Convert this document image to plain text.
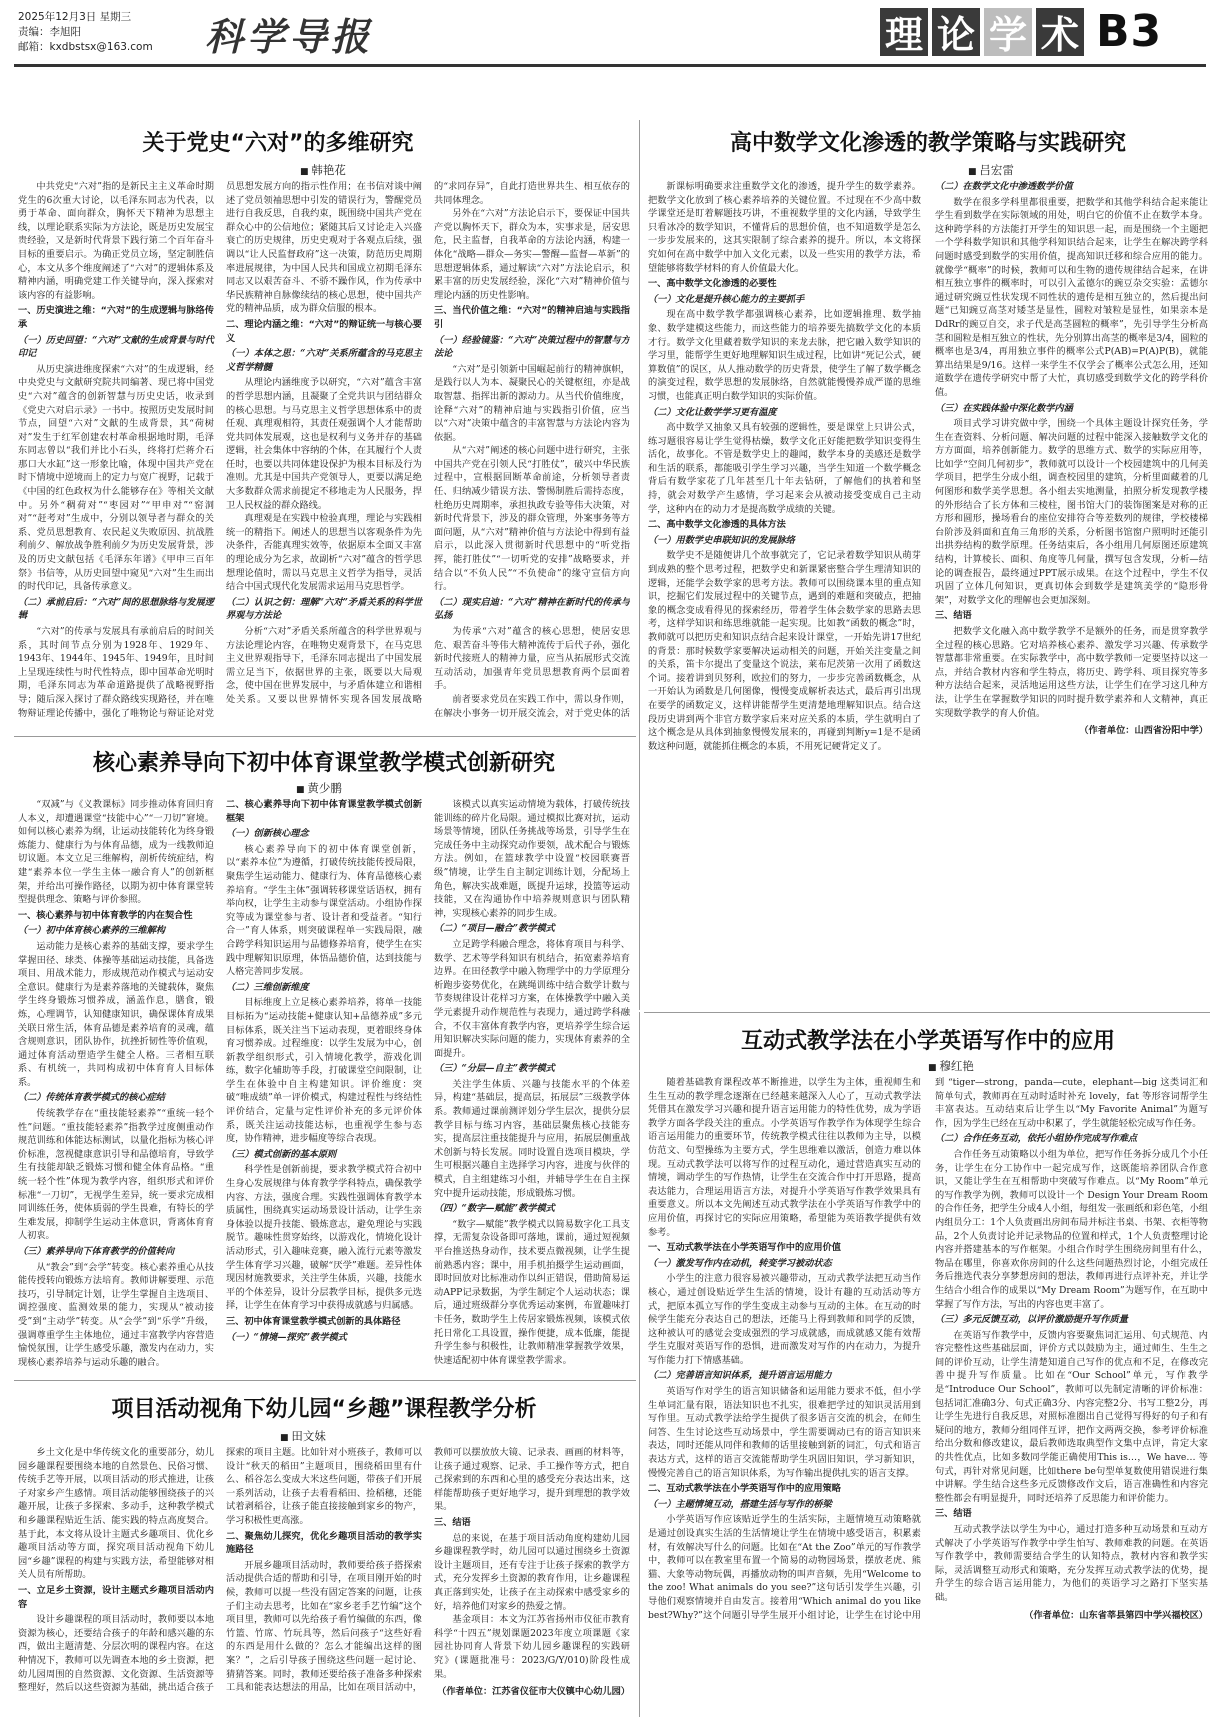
2025年12月3日 星期三
责编：李旭阳
邮箱：kxdbstsx@163.com 科学导报	理 论 学 术 B3
关于党史“六对”的多维研究
■ 韩艳花

中共党史“六对”指的是新民主主义革命时期党生的6次重大讨论，以毛泽东同志为代表，以勇于革命、面向群众，胸怀天下精神为思想主线，以理论联系实际为方法论，既是历史发展宝贵经验，又是新时代背景下践行第二个百年奋斗目标的重要启示。为确正党员立场，坚定制胜信心，本文从多个维度阐述了“六对”的逻辑体系及精神内涵，明确党建工作关键导向，深入探索对该内容的有益影响。

一、历史演进之维：“六对”的生成逻辑与脉络传承

（一）历史回望：“六对”文献的生成背景与时代印记

从历史演进维度探索“六对”的生成逻辑，经中央党史与文献研究院共同编著、现已将中国党史“六对”蕴含的创新智慧与历史史话，收录到《党史六对启示录》一书中。按照历史发展时间节点，回望“六对”文献的生成背景，其“荷树对”发生于红军创建农村革命根据地时期，毛泽东同志曾以“我们并比小石头，终将打烂蒋介石那口大水缸”这一形象比喻，体现中国共产党在时下情境中逆境而上的定力与宽广视野，记载于《中国的红色政权为什么能够存在》等相关文献中。另外“稠荷对”“枣园对”“甲申对”“窑洞对”“赶考对”生成中，分别以领导者与群众的关系、党员思想教育、农民起义失败原因、抗战胜利前夕、解放战争胜利前夕为历史发展背景，涉及的历史文献包括《毛泽东年谱》《甲申三百年祭》书信等，从历史回望中窥见“六对”生生而出的时代印记，具备传承意义。

（二）承前启后：“六对”间的思想脉络与发展逻辑

“六对”的传承与发展具有承前启后的时间关系，其时间节点分别为1928年、1929年、1943年、1944年、1945年、1949年，且时间上呈现连续性与时代性特点，即中国革命光明时期，毛泽东同志为革命道路提供了战略视野指导；随后深入探讨了群众路线实现路径，并在唯物辩证理论传播中，强化了唯物论与辩证论对党员思想发展方向的指示性作用；在书信对谈中阐述了党员领袖思想中引发的错误行为，警醒党员进行自我反思，自我约束，既围绕中国共产党在群众心中的公信地位；紧随其后又讨论走入兴盛衰亡的历史规律，历史史观对于各观点后续，强调以“让人民监督政府”这一决策，防范历史周期率进展规律，为中国人民共和国成立初期毛泽东同志又以艰苦奋斗、不骄不躁作风，作为传承中华民族精神自脉像续结的核心思想，使中国共产党的精神品质，成为群众信服的根本。

二、理论内涵之维：“六对”的辩证统一与核心要义

（一）本体之思：“六对”关系所蕴含的马克思主义哲学精髓

从理论内涵维度予以研究，“六对”蕴含丰富的哲学思想内涵，且凝聚了全党共识与团结群众的核心思想。与马克思主义哲学思想体系中的责任观、真理观相符，其责任观强调个人才能帮助党共同体发展观，这也是权利与义务并存的基础逻辑，社会集体中容纳的个体，在其履行个人责任时，也要以共同体建设保护为根本目标及行为准则。尤其是中国共产党领导人，更要以满足绝大多数群众需求前提定不移地走为人民服务，捍卫人民权益的群众路线。

真理观是在实践中检验真理，理论与实践相统一的精指下。阐述人的思想当以客观条件为先决条件，否能真理实效等，依据原本全面又丰富的理论成分为乞求，故副析“六对”蕴含的哲学思想理论值时，需以马克思主义哲学为指导，灵活结合中国式现代化发展需求运用马克思哲学。

（二）认识之钥：理解“六对”矛盾关系的科学世界观与方法论

分析“六对”矛盾关系所蕴含的科学世界观与方法论理论内容，在唯物史观背景下，在马克思主义世界观指导下，毛泽东同志提出了中国发展需立足当下，依据世界的主张，既要以大局观念，使中国在世界发展中，与矛盾体建立和谐相处关系。又要以世界情怀实现各国发展战略的“求同存异”，自此打造世界共生、相互依存的共同体理念。

另外在“六对”方法论启示下，要保证中国共产党以胸怀天下，群众为本，实事求是，居安思危，民主监督，自我革命的方法论内涵，构建一体化“战略—群众—务实—警醒—监督—革新”的思想逻辑体系，通过解读“六对”方法论启示，积累丰富的历史发展经验，深化“六对”精神价值与理论内涵的历史性影响。

三、当代价值之维：“六对”的精神启迪与实践指引

（一）经验镜鉴：“六对”决策过程中的智慧与方法论

“六对”是引领新中国崛起前行的精神旗帜，是践行以人为本、凝聚民心的关键枢纽，亦是战取智慧、指挥出新的源动力。从当代价值维度，诠释“六对”的精神启迪与实践指引价值，应当以“六对”决策中蕴含的丰富智慧与方法论内容为依据。

从“六对”阐述的核心问题中进行研究，主张中国共产党在引领人民“打胜仗”，破兴中华民族过程中，宣根据回断革命前途，分析领导者责任、归纳减少错误方法、警惕制胜后需持态度，杜绝历史周期率，承担执政专验等伟大决策，对新时代背景下，涉及的群众管理，外案事务等方面问题，从“六对”精神价值与方法论中得到有益启示，以此深入贯彻新时代思想中的“听党指挥，能打胜仗”“一切听党的安排”战略要求，并结合以“不负人民”“不负使命”的缘守宣信方向行。

（二）现实启迪：“六对”精神在新时代的传承与弘扬

为传承“六对”蕴含的核心思想，使居安思危、艰苦奋斗等伟大精神流传于后代子孙，强化新时代接班人的精神力量，应当从拓展形式交流互动活动，加强青年党员思想教育两个层面着手。

前者要求党员在实践工作中，需以身作则，在解决小事务一切开展交流会，对于党史体的活

高中数学文化渗透的教学策略与实践研究
■ 吕宏雷

新课标明确要求注重数学文化的渗透，提升学生的数学素养。把数学文化放到了核心素养培养的关键位置。不过现在不少高中数学课堂还是盯着解题技巧讲，不重视数学里的文化内涵，导致学生只看冰冷的数学知识，不懂背后的思想价值，也不知道数学是怎么一步步发展来的，这其实限制了综合素养的提升。所以，本文将探究如何在高中数学中加入文化元素，以及一些实用的教学方法，希望能够将数学材料的育人价值最大化。

一、高中数学文化渗透的必要性

（一）文化是提升核心能力的主要抓手

现在高中数学教学都强调核心素养，比如逻辑推理、数学抽象、数学建模这些能力，而这些能力的培养要先搞数学文化的本质才行。数学文化里藏着数学知识的来龙去脉，把它融入数学知识的学习里，能帮学生更好地理解知识生成过程，比如讲“死记公式，硬算数值”的误区，从人推动数学的历史背景，使学生了解了数学概念的演变过程，数学思想的发展脉络，自然就能慢慢养成严谨的思维习惯，也能真正明白数学知识的实际价值。

（二）文化让数学学习更有温度

高中数学又抽象又具有较强的逻辑性，要是课堂上只讲公式，练习题很容易让学生觉得枯燥，数学文化正好能把数学知识变得生活化，故事化。不管是数学史上的趣闻，数学本身的美感还是数学和生活的联系，都能吸引学生学习兴趣，当学生知道一个数学概念背后有数学家花了几年甚至几十年去钻研，了解他们的执着和坚持，就会对数学产生感情，学习起来会从被动接受变成自己主动学，这种内在的动力才是提高数学成绩的关键。

二、高中数学文化渗透的具体方法

（一）用数学史串联知识的发展脉络

数学史不是随便讲几个故事就完了，它记录着数学知识从萌芽到成熟的整个思考过程，把数学史和新课紧密整合学生理清知识的逻辑，还能学会数学家的思考方法。教师可以围绕课本里的重点知识，挖掘它们发展过程中的关键节点，遇到的难题和突破点，把抽象的概念变成看得见的探索经历，带着学生体会数学家的思路去思考，这样学知识和练思维就能一起实现。比如教“函数的概念”时，教师就可以把历史和知识点结合起来设计课堂，一开始先讲17世纪的背景：那时候数学家要解决运动相关的问题，开始关注变量之间的关系，笛卡尔提出了变量这个说法，莱布尼茨第一次用了函数这个词。接着讲到贝努利，欧拉们的努力，一步步完善函数概念，从一开始认为函数是几何图像，慢慢变成解析表达式，最后再引出现在要学的函数定义，这样讲能帮学生更清楚地理解知识点。结合这段历史讲到两个非官方数学家后来对应关系的本质，学生就明白了这个概念是从具体到抽象慢慢发展来的，再碰到判断y=1是不是函数这种问题，就能抓住概念的本质，不用死记硬背定义了。

（二）在数学文化中渗透数学价值

数学在很多学科里都很重要，把数学和其他学科结合起来能让学生看到数学在实际领域的用处，明白它的价值不止在数学本身。这种跨学科的方法能打开学生的知识思一起，而是围绕一个主题把一个学科数学知识和其他学科知识结合起来，让学生在解决跨学科问题时感受到数学的实用价值，提高知识迁移和综合应用的能力。就像学“概率”的时候，教师可以和生物的遗传规律结合起来，在讲相互独立事件的概率时，可以引入孟德尔的豌豆杂交实验：孟德尔通过研究豌豆性状发现不同性状的遗传是相互独立的，然后提出问题“已知豌豆高茎对矮茎是显性，圆粒对皱粒是显性，如果亲本是DdRr的豌豆自交，求子代是高茎圆粒的概率”，先引导学生分析高茎和圆粒是相互独立的性状，先分别算出高茎的概率是3/4，圆粒的概率也是3/4，再用独立事件的概率公式P(AB)=P(A)P(B)，就能算出结果是9/16。这样一来学生不仅学会了概率公式怎么用，还知道数学在遗传学研究中帮了大忙，真切感受到数学文化的跨学科价值。

（三）在实践体验中深化数学内涵

项目式学习讲究做中学，围绕一个具体主题设计探究任务，学生在查资料、分析问题、解决问题的过程中能深入接触数学文化的方方面面，培养创新能力。数学的思维方式、数学的实际应用等，比如学“空间几何初步”，教师就可以设计一个校园建筑中的几何美学项目，把学生分成小组，调查校园里的建筑，分析里面藏着的几何图形和数学美学思想。各小组去实地测量，拍照分析发现教学楼的外形结合了长方体和三棱柱，图书馆大门的装饰图案是对称的正方形和圆形，操场看台的座位安排符合等差数列的规律，学校楼梯台阶涉及斜面和直角三角形的关系，分析图书馆窗户照明时还能引出拱券结构的数学原理。任务结束后，各小组用几何原图还原建筑结构，计算棱长、面积、角度等几何量，撰写包含发现，分析—结论的调查报告，最终通过PPT展示成果。在这个过程中，学生不仅巩固了立体几何知识，更真切体会到数学是建筑美学的“隐形骨架”，对数学文化的理解也会更加深刻。

三、结语

把数学文化融入高中数学教学不是额外的任务，而是贯穿教学全过程的核心思路。它对培养核心素养、激发学习兴趣、传承数学智慧都非常重要。在实际教学中，高中数学教师一定要坚持以这一点，并结合教材内容和学生特点，将历史、跨学科、项目探究等多种方法结合起来，灵活地运用这些方法，让学生们在学习这几种方法，让学生在掌握数学知识的同时提升数学素养和人文精神，真正实现数学教学的育人价值。

（作者单位：山西省汾阳中学）

核心素养导向下初中体育课堂教学模式创新研究
■ 黄少鹏

“双减”与《义教课标》同步推动体育回归育人本义，却遭遇课堂“技能中心”“一刀切”窘境。如何以核心素养为纲，让运动技能转化为终身锻炼能力、健康行为与体育品德，成为一线教师迫切议题。本文立足三维解构，剖析传统症结，构建“素养本位一学生主体一融合育人”的创新框架，并给出可操作路径，以期为初中体育课堂转型提供理念、策略与评价参照。

一、核心素养与初中体育教学的内在契合性

（一）初中体育核心素养的三维解构

运动能力是核心素养的基础支撑，要求学生掌握田径、球类、体操等基础运动技能，具备选项目、用战术能力，形成规范动作模式与运动安全意识。健康行为是素养落地的关键载体，聚焦学生终身锻炼习惯养成，涵盖作息，膳食，锻炼，心理调节，认知健康知识，确保课体育成果关联日常生活，体育品德是素养培育的灵魂，蕴含规则意识，团队协作，抗挫折韧性等价值观，通过体育活动塑造学生健全人格。三者相互联系、有机统一，共同构成初中体育育人目标体系。

（二）传统体育教学模式的核心症结

传统教学存在“重技能轻素养”“重统一轻个性”问题。“重技能轻素养”指教学过度侧重动作规范训练和体能达标测试，以量化指标为核心评价标准，忽视健康意识引导和品德培育，导致学生有技能却缺乏锻炼习惯和健全体育品格。“重统一轻个性”体现为教学内容，组织形式和评价标准“一刀切”，无视学生差异，统一要求完成相同训练任务，使体质弱的学生畏难，有特长的学生难发展，抑制学生运动主体意识，背离体育育人初衷。

（三）素养导向下体育教学的价值转向

从“教会”到“会学”转变。核心素养重心从技能传授转向锻炼方法培育。教师讲解要理、示范技巧，引导制定计划，让学生掌握自主选项目、调控强度、监测效果的能力，实现从“被动接受”到“主动学”转变。从“会学”到“乐学”升级，强调尊重学生主体地位，通过丰富教学内容营造愉悦氛围，让学生感受乐趣，激发内在动力，实现核心素养培养与运动乐趣的融合。

二、核心素养导向下初中体育课堂教学模式创新框架

（一）创新核心理念

核心素养导向下的初中体育课堂创新，以“素养本位”为遵循，打破传统技能传授局限，聚焦学生运动能力、健康行为、体育品德核心素养培育。“学生主体”强调转移课堂话语权，拥有举向权，让学生主动参与课堂活动。小组协作探究等成为课堂参与者、设计者和受益者。“知行合一”育人体系，则突破课程单一实践局限，融合跨学科知识运用与品德修养培育，使学生在实践中理解知识原理，体悟品德价值，达到技能与人格完善同步发展。

（二）三维创新维度

目标维度上立足核心素养培养，将单一技能目标拓为“运动技能+健康认知+品德养成”多元目标体系，既关注当下运动表现，更着眼终身体育习惯养成。过程维度：以学生发展为中心，创新教学组织形式，引入情境化教学，游戏化训练，数字化辅助等手段，打破课堂空间限制，让学生在体验中自主构建知识。评价维度：突破“唯成绩”单一评价模式，构建过程性与终结性评价结合，定量与定性评价补充的多元评价体系，既关注运动技能达标，也重视学生参与态度，协作精神，进步幅度等综合表现。

（三）模式创新的基本原则

科学性是创新前提，要求教学模式符合初中生身心发展规律与体育教学学科特点，确保教学内容、方法，强度合理。实践性强调体育教学本质属性，围绕真实运动场景设计活动，让学生亲身体验以提升技能、锻炼意志，避免理论与实践脱节。趣味性贯穿始终，以游戏化，情境化设计活动形式，引入趣味竞赛，融入流行元素等激发学生体育学习兴趣，破解“厌学”难题。差异性体现因材施教要求，关注学生体质，兴趣，技能水平的个体差异，设计分层教学目标，提供多元选择，让学生在体育学习中获得成就感与归属感。

三、初中体育课堂教学模式创新的具体路径

（一）“情境—探究”教学模式

该模式以真实运动情境为载体，打破传统技能训练的碎片化局限。通过模拟比赛对抗，运动场景等情境，团队任务挑战等场景，引导学生在完成任务中主动探究动作要领，战术配合与锻炼方法。例如，在篮球教学中设置“校园联赛晋级”情境，让学生自主制定训练计划，分配场上角色，解决实战难题，既提升运球，投篮等运动技能，又在沟通协作中培养规则意识与团队精神，实现核心素养的同步生成。

（二）“项目—融合”教学模式

立足跨学科融合理念，将体育项目与科学、数学、艺术等学科知识有机结合，拓宽素养培育边界。在田径教学中融入物理学中的力学原理分析跑步姿势优化，在跳绳训练中结合数学计数与节奏规律设计花样习方案，在体操教学中融入美学元素提升动作规范性与表现力，通过跨学科融合，不仅丰富体育教学内容，更培养学生综合运用知识解决实际问题的能力，实现体育素养的全面提升。

（三）“分层—自主”教学模式

关注学生体质、兴趣与技能水平的个体差异，构建“基础层，提高层，拓展层”三级教学体系。教师通过课前测评划分学生层次，提供分层教学目标与练习内容，基础层聚焦核心技能夯实，提高层注重技能提升与应用，拓展层侧重战术创新与特长发展。同时设置自选项目模块，学生可根据兴趣自主选择学习内容，进度与伙伴的模式，自主组建练习小组，并辅导学生在自主探究中提升运动技能，形成锻炼习惯。

（四）“数字—赋能”教学模式

“数字—赋能”教学模式以简易数字化工具支撑，无需复杂设备即可落地，课前，通过短视频平台推送热身动作，技术要点微视频，让学生提前熟悉内容；课中，用手机拍摄学生运动画面，即时回放对比标准动作以纠正错误，借助简易运动APP记录数据，为学生制定个人运动状态；课后，通过班级群分享优秀运动案例，布置趣味打卡任务，数助学生上传居家锻炼视频，该模式依托日常化工具设置，操作便捷，成本低廉，能提升学生参与积极性，让教师精准掌握教学效果，快速适配初中体育课堂教学需求。

互动式教学法在小学英语写作中的应用
■ 穆红艳

随着基础教育课程改革不断推进，以学生为主体，重视师生和生生互动的教学理念逐渐在已经越来越深入人心了，互动式教学法凭借其在激发学习兴趣和提升语言运用能力的特性优势，成为学语教学方面各学段关注的重点。小学英语写作教学作为体现学生综合语言运用能力的重要环节，传统教学模式往往以教师为主导，以模仿范文、句型操练为主要方式，学生思维难以激活，创造力难以体现。互动式教学法可以将写作的过程互动化，通过营造真实互动的情境，调动学生的写作热情，让学生在交流合作中打开思路，提高表达能力，合理运用语言方法，对提升小学英语写作教学效果具有重要意义。所以本文先阐述互动式教学法在小学英语写作教学中的应用价值，再探讨它的实际应用策略，希望能为英语教学提供有效参考。

一、互动式教学法在小学英语写作中的应用价值

（一）激发写作内在动机，转变学习被动状态

小学生的注意力很容易被兴趣带动，互动式教学法把互动当作核心，通过创设贴近学生生活的情境，设计有趣的互动活动等方式，把原本孤立写作的学生变成主动参与互动的主体。在互动的时候学生能充分表达自己的想法，还能马上得到教师和同学的反馈，这种被认可的感觉会变成强烈的学习成就感，而成就感又能有效帮学生克服对英语写作的恐惧，进而激发对写作的内在动力，为提升写作能力打下情感基础。

（二）完善语言知识体系，提升语言运用能力

英语写作对学生的语言知识储备和运用能力要求不低，但小学生单词汇量有限，语法知识也不扎实，很难把学过的知识灵活用到写作里。互动式教学法给学生提供了很多语言交流的机会，在师生问答、生生讨论这些互动场景中，学生需要调动已有的语言知识来表达，同时还能从同伴和教师的话里接触到新的词汇，句式和语言表达方式，这样的语言交流能帮助学生巩固旧知识，学习新知识，慢慢完善自己的语言知识体系，为写作输出提供扎实的语言支撑。

二、互动式教学法在小学英语写作中的应用策略

（一）主题情境互动，搭建生活与写作的桥梁

小学英语写作应该贴近学生的生活实际，主题情境互动策略就是通过创设真实生活的生活情境让学生在情境中感受语言，积累素材，有效解决写什么的问题。比如在“At the Zoo”单元的写作教学中，教师可以在教室里布置一个简易的动物园场景，摆放老虎、熊猫、大象等动物玩偶，再播放动物的叫声音频，先用“Welcome to the zoo! What animals do you see?”这句话引发学生兴趣，引导他们观察情境并自由发言。接着用“Which animal do you like best?Why?”这个问题引导学生展开小组讨论，让学生在讨论中用到 “tiger—strong，panda—cute，elephant—big 这类词汇和简单句式，教师再在互动时适时补充 lovely，fat 等形容词帮学生丰富表达。互动结束后让学生以“My Favorite Animal”为题写作，因为学生已经在互动中积累了，学生就能轻松完成写作任务。

（二）合作任务互动，依托小组协作完成写作难点

合作任务互动策略以小组为单位，把写作任务拆分成几个小任务，让学生在分工协作中一起完成写作，这既能培养团队合作意识，又能让学生在互相帮助中突破写作难点。以“My Room”单元的写作教学为例，教师可以设计一个 Design Your Dream Room 的合作任务，把学生分成4人小组，每组发一张画纸和彩色笔，小组内组员分工：1个人负责画出房间布局并标注书桌、书架、衣柜等物品，2个人负责讨论并记录物品的位置和样式，1个人负责整理讨论内容并搭建基本的写作框架。小组合作时学生围绕房间里有什么，物品在哪里，你喜欢你房间的什么这些问题热烈讨论，小组完成任务后推选代表分享梦想房间的想法，教师再进行点评补充，并让学生结合小组合作的成果以“My Dream Room”为题写作，在互助中掌握了写作方法，写出的内容也更丰富了。

（三）多元反馈互动，以评价激励提升写作质量

在英语写作教学中，反馈内容要聚焦词汇运用、句式规范、内容完整性这些基础层面，评价方式以鼓励为主，通过师生、生生之间的评价互动，让学生清楚知道自己写作的优点和不足，在修改完善中提升写作质量。比如在“Our School”单元，写作教学是“Introduce Our School”，教师可以先制定清晰的评价标准：包括词汇准确3分、句式正确3分、内容完整2分、书写工整2分，再让学生先进行自我反思，对照标准圈出自己觉得写得好的句子和有疑问的地方，教师分组同伴互评，把作文两两交换，参考评价标准给出分数和修改建议，最后教师选取典型作文集中点评，肯定大家的共性优点，比如多数同学能正确使用This is…，We have… 等句式，再针对常见问题，比如there be句型单复数使用错误进行集中讲解。学生结合这些多元反馈修改作文后，语言准确性和内容完整性都会有明显提升，同时还培养了反思能力和评价能力。

三、结语

互动式教学法以学生为中心，通过打造多种互动场景和互动方式解决了小学英语写作教学中学生怕写、教师难教的问题。在英语写作教学中，教师需要结合学生的认知特点，教材内容和教学实际，灵活调整互动形式和策略，充分发挥互动式教学法的优势，提升学生的综合语言运用能力，为他们的英语学习之路打下坚实基础。

（作者单位：山东省莘县第四中学兴福校区）

项目活动视角下幼儿园“乡趣”课程教学分析
■ 田文妹

乡土文化是中华传统文化的重要部分，幼儿园乡趣课程要围绕本地的自然景色、民俗习惯、传统手艺等开展，以项目活动的形式推进，让孩子对家乡产生感情。项目活动能够围绕孩子的兴趣开展，让孩子多探索、多动手，这种教学模式和乡趣课程贴近生活、能实践的特点高度契合。基于此，本文将从设计主题式乡趣项目、优化乡趣项目活动等方面，探究项目活动视角下幼儿园“乡趣”课程的构建与实践方法，希望能够对相关人员有所帮助。

一、立足乡土资源，设计主题式乡趣项目活动内容

设计乡趣课程的项目活动时，教师要以本地资源为核心，还要结合孩子的年龄和感兴趣的东西，做出主题清楚、分层次明的课程内容。在这种情况下，教师可以先调查本地的乡土资源，把幼儿园周围的自然资源、文化资源、生活资源等整理好，然后以这些资源为基础，挑出适合孩子探索的项目主题。比如针对小班孩子，教师可以设计“秋天的稻田”主题项目，围绕稻田里有什么、稻谷怎么变成大米这些问题，带孩子们开展一系列活动，让孩子去看看稻田、捡稻穗，还能试着剥稻谷，让孩子能直接接触到家乡的物产，学习积极性更高涨。

二、聚焦幼儿探究，优化乡趣项目活动的教学实施路径

开展乡趣项目活动时，教师要给孩子搭探索活动提供合适的帮助和引导，在项目刚开始的时候，教师可以提一些没有固定答案的问题，让孩子们主动去思考，比如在“家乡老手艺竹编”这个项目里，教师可以先给孩子看竹编做的东西，像竹篮、竹席、竹玩具等，然后问孩子“这些好看的东西是用什么做的？怎么才能编出这样的图案？”，之后引导孩子围绕这些问题一起讨论、猜猜答案。同时，教师还要给孩子准备多种探索工具和能表达想法的用品，比如在项目活动中，教师可以摆放放大镜、记录表、画画的材料等，让孩子通过观察、记录、手工操作等方式，把自己探索到的东西和心里的感受充分表达出来，这样能帮助孩子更好地学习，提升到理想的教学效果。

三、结语

总的来说，在基于项目活动角度构建幼儿园乡趣课程教学时，幼儿园可以通过围绕乡土资源设计主题项目，还有专注于让孩子探索的教学方式，充分发挥乡土资源的教育作用，让乡趣课程真正落到实处，让孩子在主动探索中感受家乡的好，培养他们对家乡的热爱之情。

基金项目：本文为江苏省扬州市仪征市教育科学“十四五”规划课题2023年度立项课题《家园社协同育人背景下幼儿园乡趣课程的实践研究》(课题批准号：2023/G/Y/010)阶段性成果。

（作者单位：江苏省仪征市大仪镇中心幼儿园）
